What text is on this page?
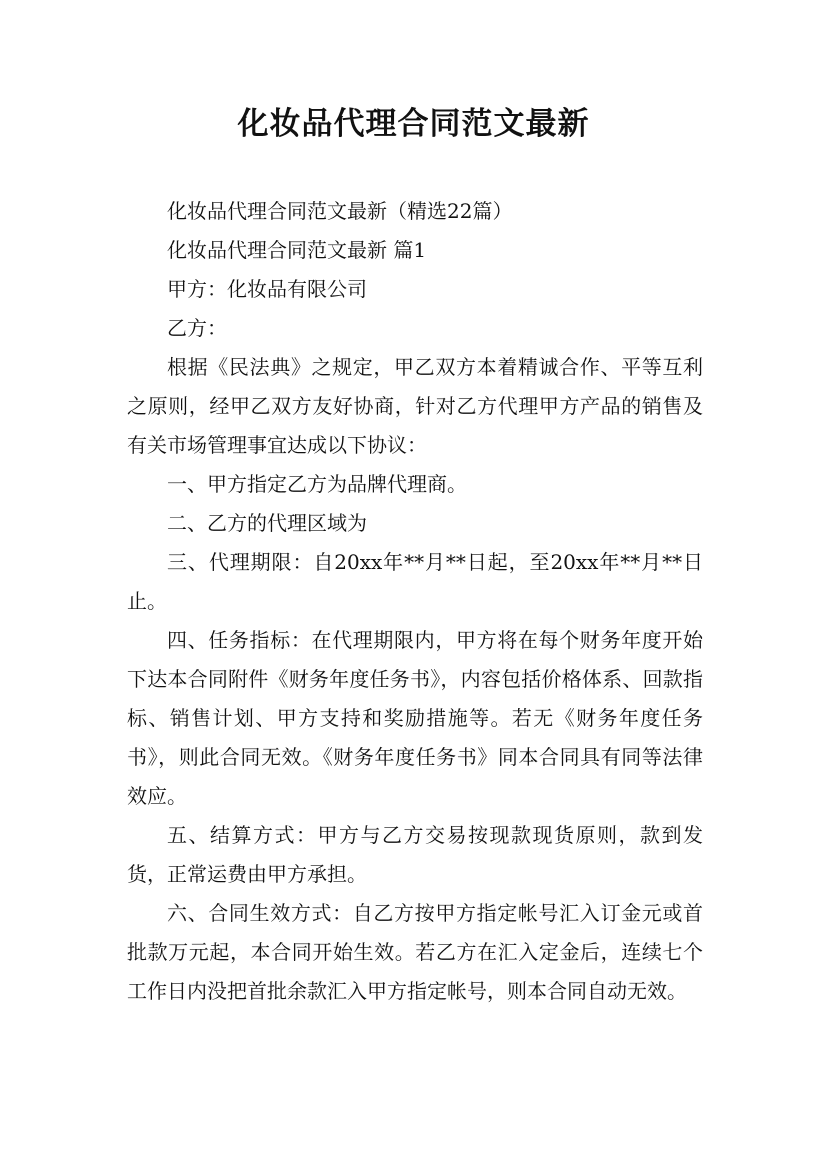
化妆品代理合同范文最新

化妆品代理合同范文最新（精选22篇）

化妆品代理合同范文最新 篇1

甲方：化妆品有限公司

乙方：

根据《民法典》之规定，甲乙双方本着精诚合作、平等互利之原则，经甲乙双方友好协商，针对乙方代理甲方产品的销售及有关市场管理事宜达成以下协议：

一、甲方指定乙方为品牌代理商。

二、乙方的代理区域为

三、代理期限：自20xx年**月**日起，至20xx年**月**日止。

四、任务指标：在代理期限内，甲方将在每个财务年度开始下达本合同附件《财务年度任务书》，内容包括价格体系、回款指标、销售计划、甲方支持和奖励措施等。若无《财务年度任务书》，则此合同无效。《财务年度任务书》同本合同具有同等法律效应。

五、结算方式：甲方与乙方交易按现款现货原则，款到发货，正常运费由甲方承担。

六、合同生效方式：自乙方按甲方指定帐号汇入订金元或首批款万元起，本合同开始生效。若乙方在汇入定金后，连续七个工作日内没把首批余款汇入甲方指定帐号，则本合同自动无效。
